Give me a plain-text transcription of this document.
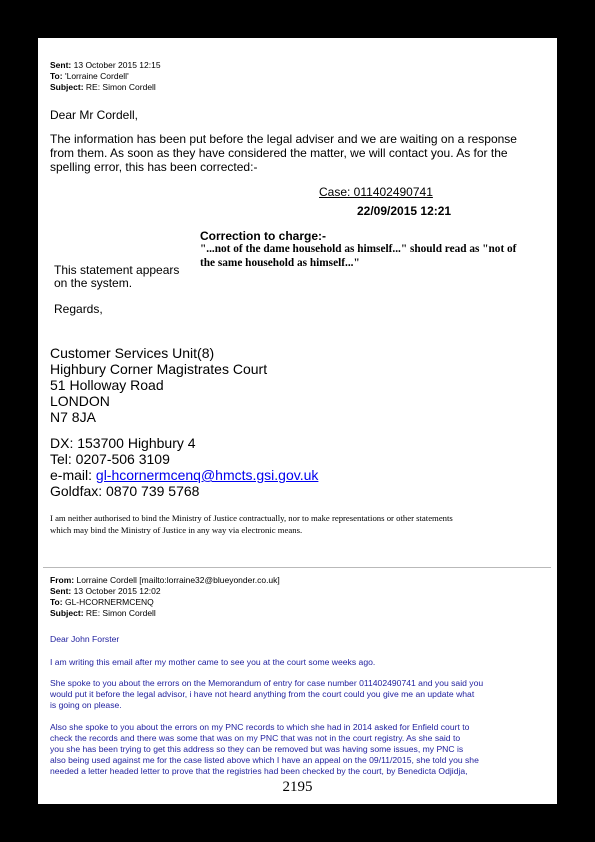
Sent: 13 October 2015 12:15
To: 'Lorraine Cordell'
Subject: RE: Simon Cordell
Dear Mr Cordell,
The information has been put before the legal adviser and we are waiting on a response
from them. As soon as they have considered the matter, we will contact you. As for the
spelling error, this has been corrected:-
Case: 011402490741
22/09/2015 12:21
Correction to charge:-
"...not of the dame household as himself..." should read as "not of
the same household as himself..."
This statement appears
on the system.
Regards,
Customer Services Unit(8)
Highbury Corner Magistrates Court
51 Holloway Road
LONDON
N7 8JA
DX: 153700 Highbury 4
Tel: 0207-506 3109
e-mail: gl-hcornermcenq@hmcts.gsi.gov.uk
Goldfax: 0870 739 5768
I am neither authorised to bind the Ministry of Justice contractually, nor to make representations or other statements
which may bind the Ministry of Justice in any way via electronic means.
From: Lorraine Cordell [mailto:lorraine32@blueyonder.co.uk]
Sent: 13 October 2015 12:02
To: GL-HCORNERMCENQ
Subject: RE: Simon Cordell
Dear John Forster
I am writing this email after my mother came to see you at the court some weeks ago.
She spoke to you about the errors on the Memorandum of entry for case number 011402490741 and you said you
would put it before the legal advisor, i have not heard anything from the court could you give me an update what
is going on please.
Also she spoke to you about the errors on my PNC records to which she had in 2014 asked for Enfield court to
check the records and there was some that was on my PNC that was not in the court registry. As she said to
you she has been trying to get this address so they can be removed but was having some issues, my PNC is
also being used against me for the case listed above which I have an appeal on the 09/11/2015, she told you she
needed a letter headed letter to prove that the registries had been checked by the court, by Benedicta Odjidja,
2195
